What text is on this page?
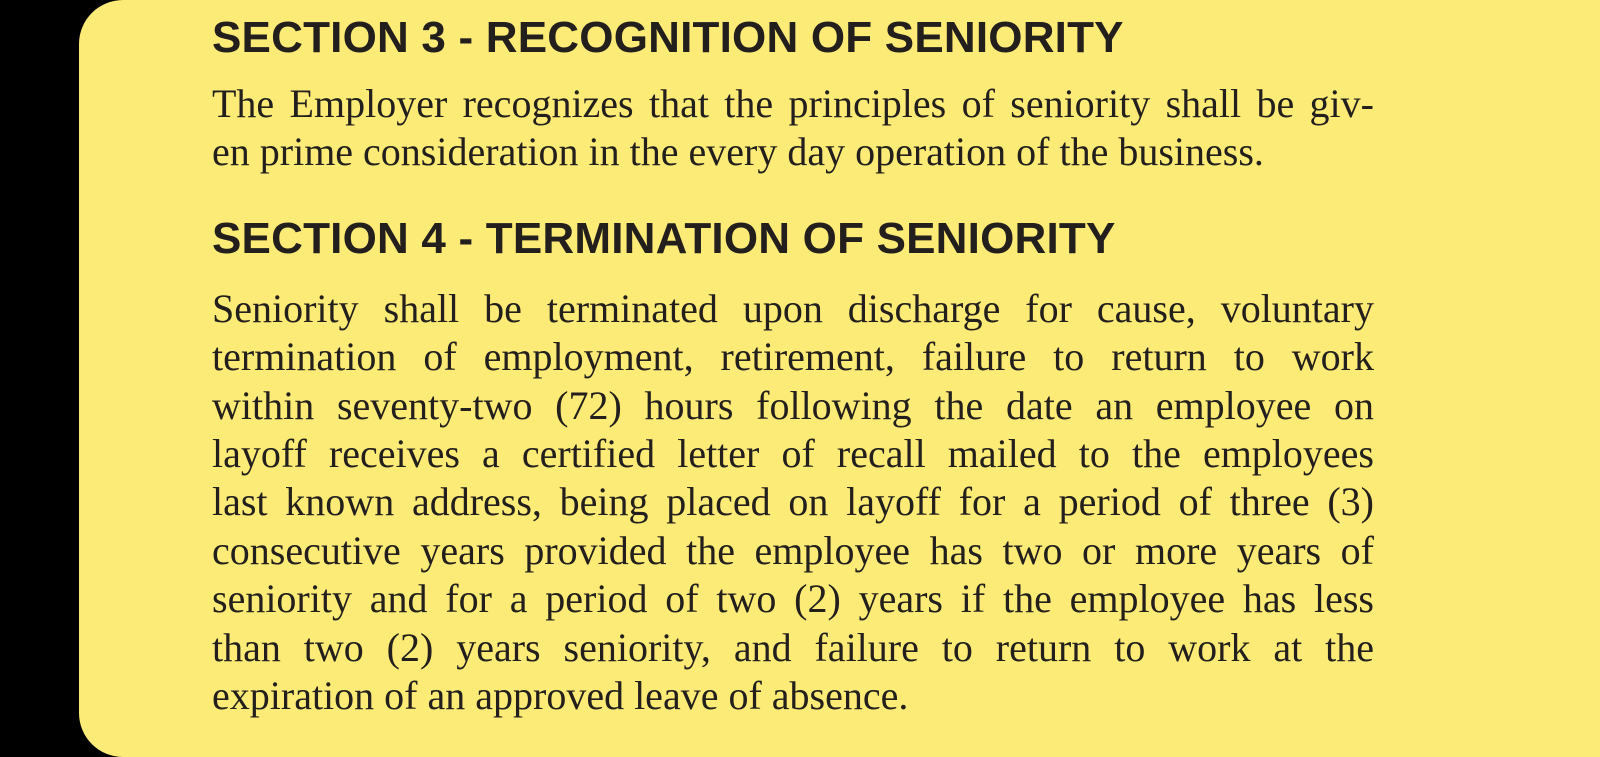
SECTION 3 - RECOGNITION OF SENIORITY

The Employer recognizes that the principles of seniority shall be giv-
en prime consideration in the every day operation of the business.

SECTION 4 - TERMINATION OF SENIORITY

Seniority shall be terminated upon discharge for cause, voluntary
termination of employment, retirement, failure to return to work
within seventy-two (72) hours following the date an employee on
layoff receives a certified letter of recall mailed to the employees
last known address, being placed on layoff for a period of three (3)
consecutive years provided the employee has two or more years of
seniority and for a period of two (2) years if the employee has less
than two (2) years seniority, and failure to return to work at the
expiration of an approved leave of absence.
